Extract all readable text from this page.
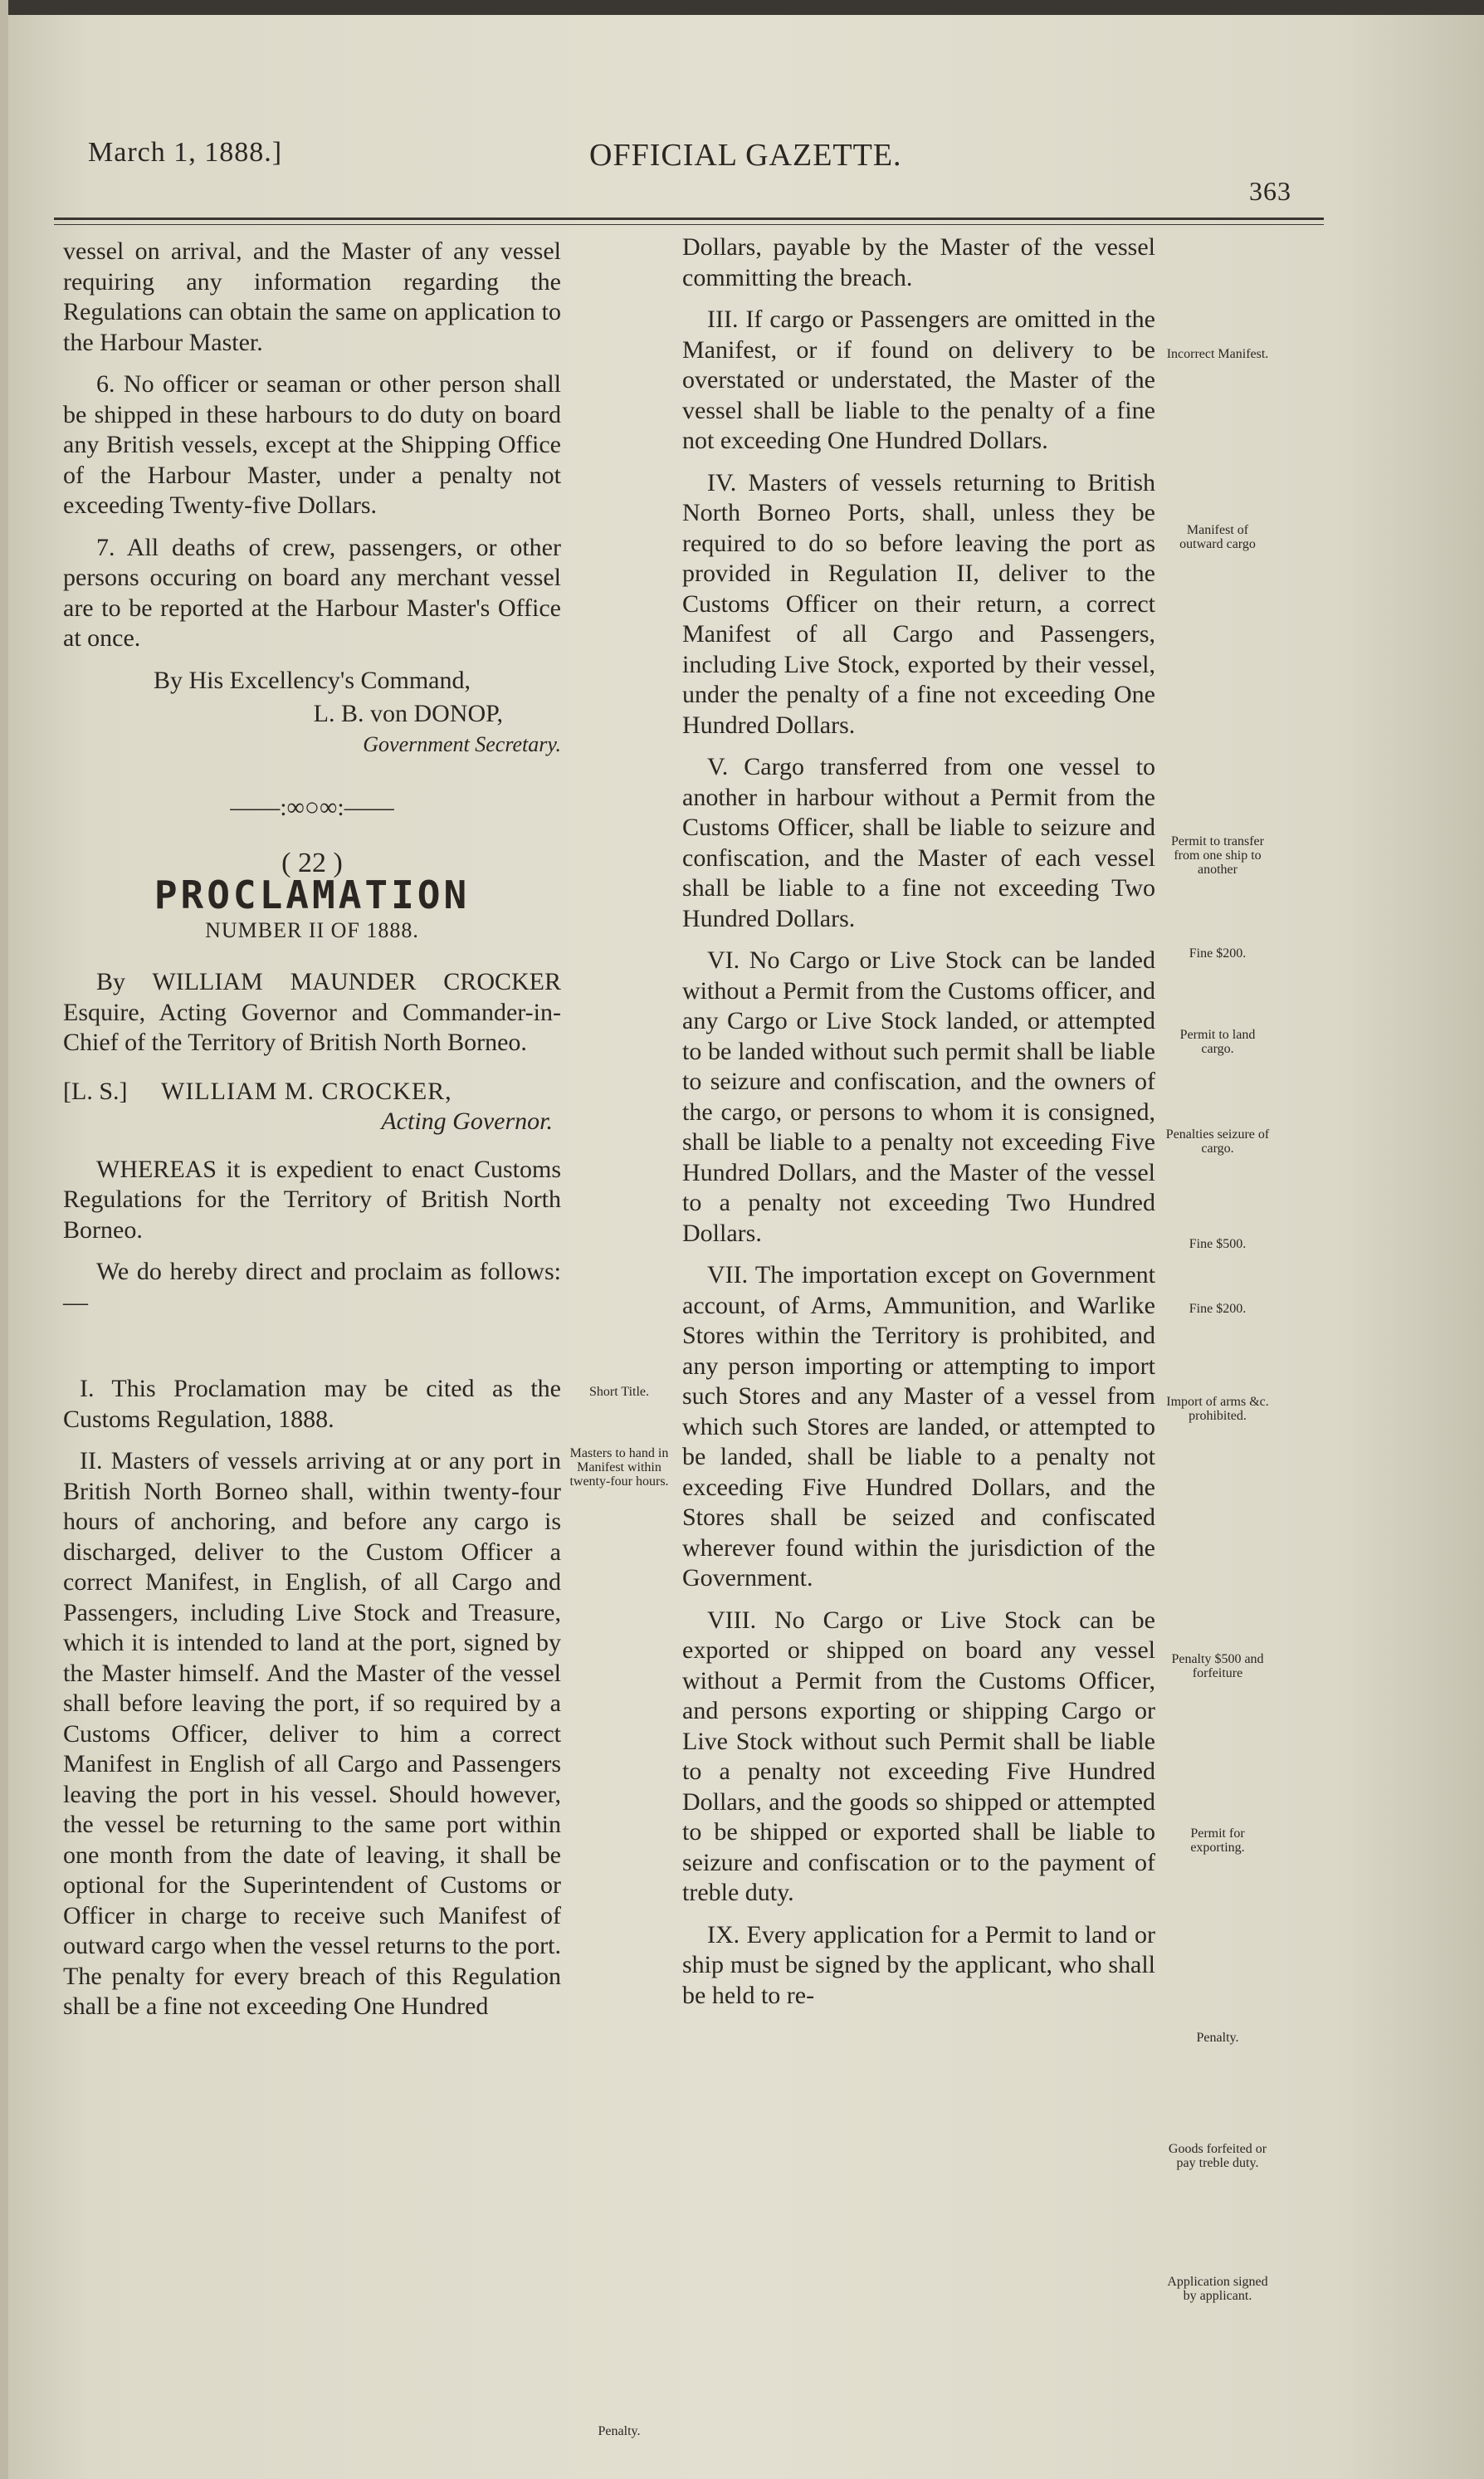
March 1, 1888.]	OFFICIAL GAZETTE.
363

vessel on arrival, and the Master of any vessel requiring any information regarding the Regulations can obtain the same on application to the Harbour Master.

6. No officer or seaman or other person shall be shipped in these harbours to do duty on board any British vessels, except at the Shipping Office of the Harbour Master, under a penalty not exceeding Twenty-five Dollars.

7. All deaths of crew, passengers, or other persons occuring on board any merchant vessel are to be reported at the Harbour Master's Office at once.

By His Excellency's Command,

L. B. von DONOP,

Government Secretary.

——:∞○∞:——

( 22 )

PROCLAMATION

NUMBER II OF 1888.

By WILLIAM MAUNDER CROCKER Esquire, Acting Governor and Commander-in-Chief of the Territory of British North Borneo.

[L. S.] WILLIAM M. CROCKER,
Acting Governor.

WHEREAS it is expedient to enact Customs Regulations for the Territory of British North Borneo.

We do hereby direct and proclaim as follows:—

I. This Proclamation may be cited as the Customs Regulation, 1888.

II. Masters of vessels arriving at or any port in British North Borneo shall, within twenty-four hours of anchoring, and before any cargo is discharged, deliver to the Custom Officer a correct Manifest, in English, of all Cargo and Passengers, including Live Stock and Treasure, which it is intended to land at the port, signed by the Master himself. And the Master of the vessel shall before leaving the port, if so required by a Customs Officer, deliver to him a correct Manifest in English of all Cargo and Passengers leaving the port in his vessel. Should however, the vessel be returning to the same port within one month from the date of leaving, it shall be optional for the Superintendent of Customs or Officer in charge to receive such Manifest of outward cargo when the vessel returns to the port. The penalty for every breach of this Regulation shall be a fine not exceeding One Hundred

Short Title.
Masters to hand in Manifest within twenty-four hours.
Penalty.

Dollars, payable by the Master of the vessel committing the breach.

III. If cargo or Passengers are omitted in the Manifest, or if found on delivery to be overstated or understated, the Master of the vessel shall be liable to the penalty of a fine not exceeding One Hundred Dollars.

IV. Masters of vessels returning to British North Borneo Ports, shall, unless they be required to do so before leaving the port as provided in Regulation II, deliver to the Customs Officer on their return, a correct Manifest of all Cargo and Passengers, including Live Stock, exported by their vessel, under the penalty of a fine not exceeding One Hundred Dollars.

V. Cargo transferred from one vessel to another in harbour without a Permit from the Customs Officer, shall be liable to seizure and confiscation, and the Master of each vessel shall be liable to a fine not exceeding Two Hundred Dollars.

VI. No Cargo or Live Stock can be landed without a Permit from the Customs officer, and any Cargo or Live Stock landed, or attempted to be landed without such permit shall be liable to seizure and confiscation, and the owners of the cargo, or persons to whom it is consigned, shall be liable to a penalty not exceeding Five Hundred Dollars, and the Master of the vessel to a penalty not exceeding Two Hundred Dollars.

VII. The importation except on Government account, of Arms, Ammunition, and Warlike Stores within the Territory is prohibited, and any person importing or attempting to import such Stores and any Master of a vessel from which such Stores are landed, or attempted to be landed, shall be liable to a penalty not exceeding Five Hundred Dollars, and the Stores shall be seized and confiscated wherever found within the jurisdiction of the Government.

VIII. No Cargo or Live Stock can be exported or shipped on board any vessel without a Permit from the Customs Officer, and persons exporting or shipping Cargo or Live Stock without such Permit shall be liable to a penalty not exceeding Five Hundred Dollars, and the goods so shipped or attempted to be shipped or exported shall be liable to seizure and confiscation or to the payment of treble duty.

IX. Every application for a Permit to land or ship must be signed by the applicant, who shall be held to re-

Incorrect Manifest.
Manifest of outward cargo
Permit to transfer from one ship to another
Fine $200.
Permit to land cargo.
Penalties seizure of cargo.
Fine $500.
Fine $200.
Import of arms &c. prohibited.
Penalty $500 and forfeiture
Permit for exporting.
Penalty.
Goods forfeited or pay treble duty.
Application signed by applicant.
